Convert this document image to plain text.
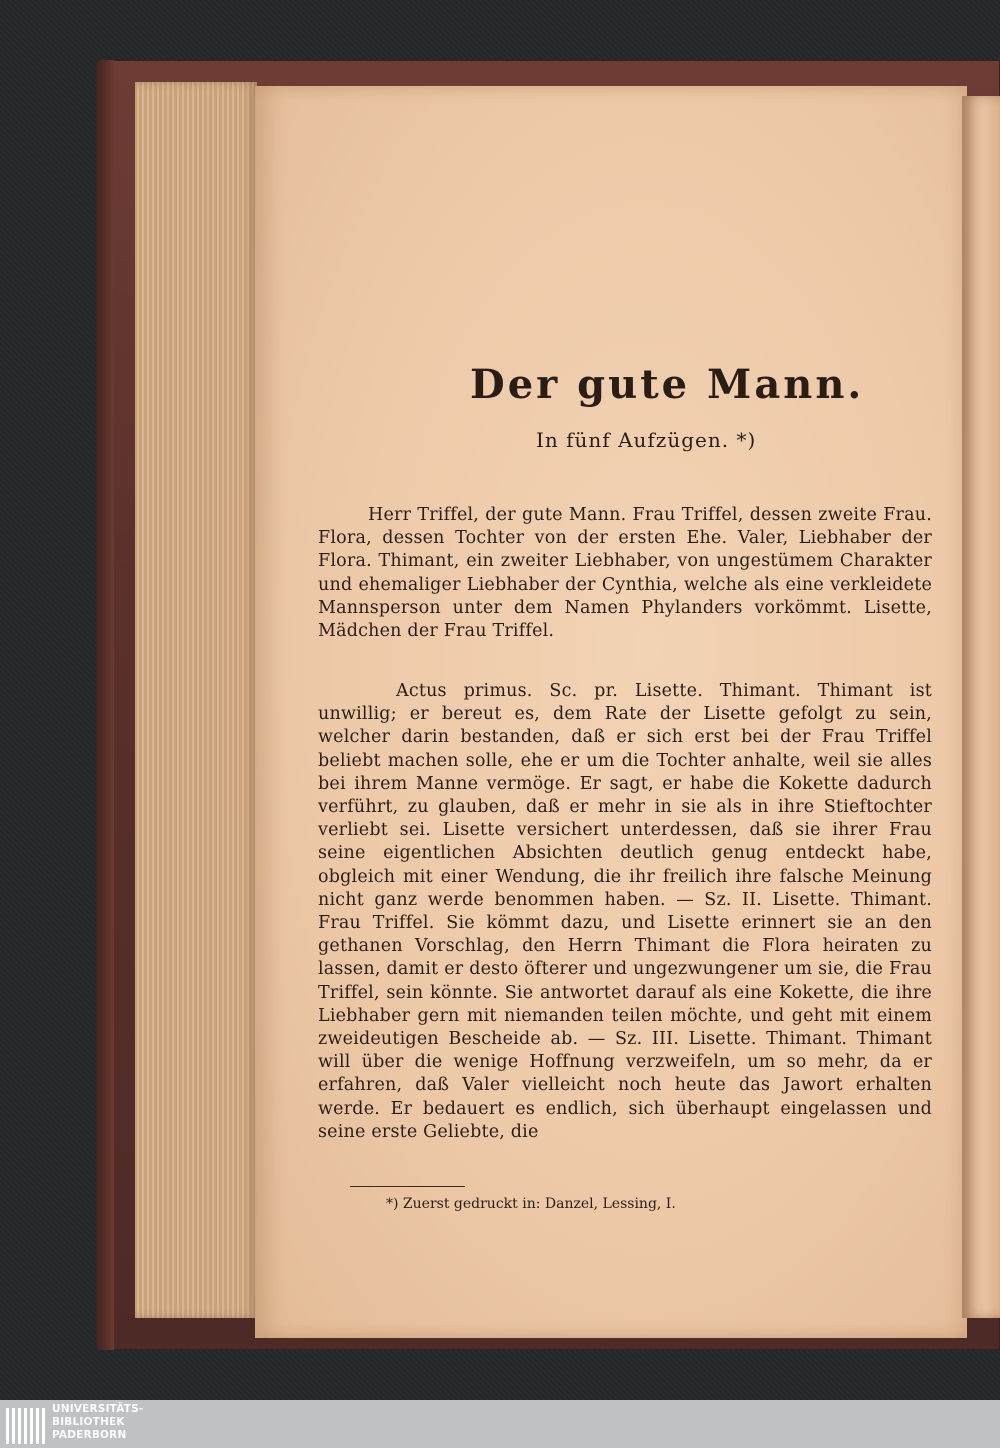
Der gute Mann.
In fünf Aufzügen. *)
Herr Triffel, der gute Mann. Frau Triffel, dessen zweite Frau. Flora, dessen Tochter von der ersten Ehe. Valer, Liebhaber der Flora. Thimant, ein zweiter Liebhaber, von ungestümem Charakter und ehemaliger Liebhaber der Cynthia, welche als eine verkleidete Mannsperson unter dem Namen Phylanders vorkömmt. Lisette, Mädchen der Frau Triffel.
Actus primus. Sc. pr. Lisette. Thimant. Thimant ist unwillig; er bereut es, dem Rate der Lisette gefolgt zu sein, welcher darin bestanden, daß er sich erst bei der Frau Triffel beliebt machen solle, ehe er um die Tochter anhalte, weil sie alles bei ihrem Manne vermöge. Er sagt, er habe die Kokette dadurch verführt, zu glauben, daß er mehr in sie als in ihre Stieftochter verliebt sei. Lisette versichert unterdessen, daß sie ihrer Frau seine eigentlichen Absichten deutlich genug entdeckt habe, obgleich mit einer Wendung, die ihr freilich ihre falsche Meinung nicht ganz werde benommen haben. — Sz. II. Lisette. Thimant. Frau Triffel. Sie kömmt dazu, und Lisette erinnert sie an den gethanen Vorschlag, den Herrn Thimant die Flora heiraten zu lassen, damit er desto öfterer und ungezwungener um sie, die Frau Triffel, sein könnte. Sie antwortet darauf als eine Kokette, die ihre Liebhaber gern mit niemanden teilen möchte, und geht mit einem zweideutigen Bescheide ab. — Sz. III. Lisette. Thimant. Thimant will über die wenige Hoffnung verzweifeln, um so mehr, da er erfahren, daß Valer vielleicht noch heute das Jawort erhalten werde. Er bedauert es endlich, sich überhaupt eingelassen und seine erste Geliebte, die
*) Zuerst gedruckt in: Danzel, Lessing, I.
UNIVERSITÄTS-
BIBLIOTHEK
PADERBORN
